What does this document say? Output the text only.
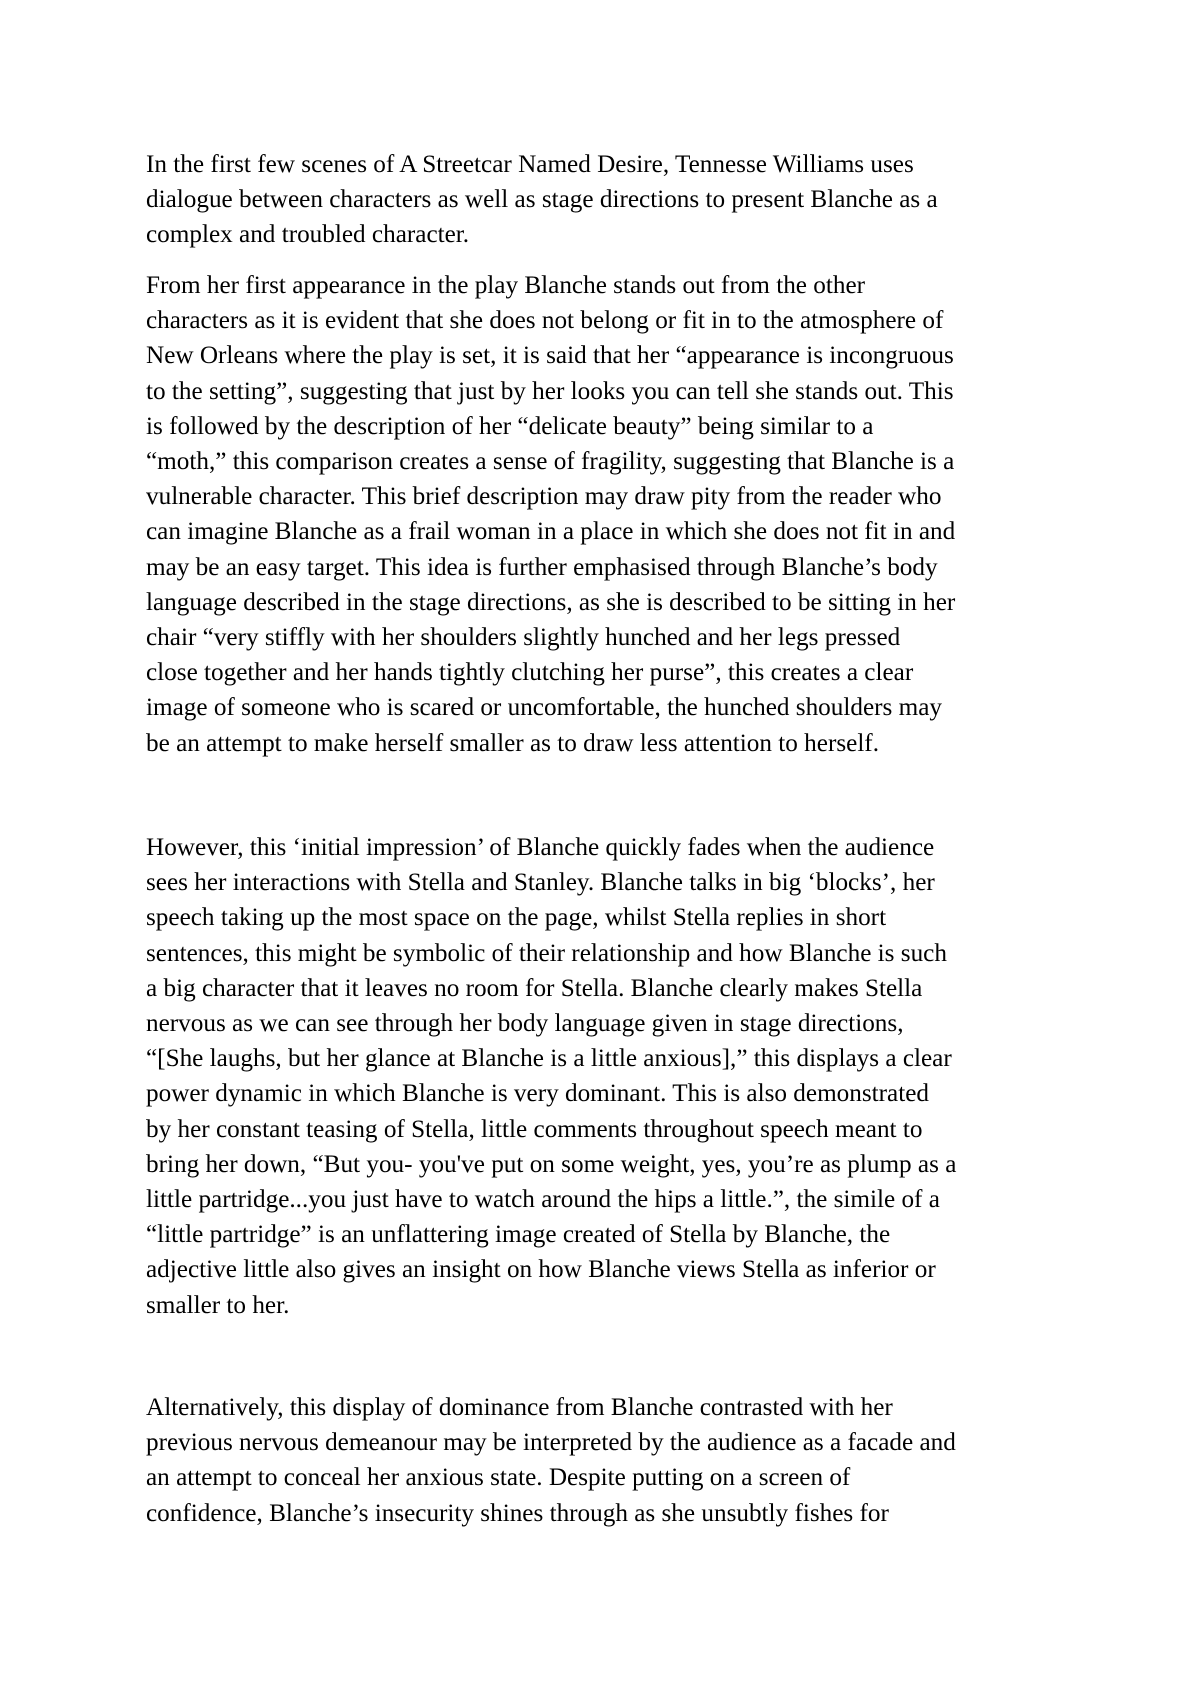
In the first few scenes of A Streetcar Named Desire, Tennesse Williams uses
dialogue between characters as well as stage directions to present Blanche as a
complex and troubled character.
From her first appearance in the play Blanche stands out from the other
characters as it is evident that she does not belong or fit in to the atmosphere of
New Orleans where the play is set, it is said that her “appearance is incongruous
to the setting”, suggesting that just by her looks you can tell she stands out. This
is followed by the description of her “delicate beauty” being similar to a
“moth,” this comparison creates a sense of fragility, suggesting that Blanche is a
vulnerable character. This brief description may draw pity from the reader who
can imagine Blanche as a frail woman in a place in which she does not fit in and
may be an easy target. This idea is further emphasised through Blanche’s body
language described in the stage directions, as she is described to be sitting in her
chair “very stiffly with her shoulders slightly hunched and her legs pressed
close together and her hands tightly clutching her purse”, this creates a clear
image of someone who is scared or uncomfortable, the hunched shoulders may
be an attempt to make herself smaller as to draw less attention to herself.
However, this ‘initial impression’ of Blanche quickly fades when the audience
sees her interactions with Stella and Stanley. Blanche talks in big ‘blocks’, her
speech taking up the most space on the page, whilst Stella replies in short
sentences, this might be symbolic of their relationship and how Blanche is such
a big character that it leaves no room for Stella. Blanche clearly makes Stella
nervous as we can see through her body language given in stage directions,
“[She laughs, but her glance at Blanche is a little anxious],” this displays a clear
power dynamic in which Blanche is very dominant. This is also demonstrated
by her constant teasing of Stella, little comments throughout speech meant to
bring her down, “But you- you've put on some weight, yes, you’re as plump as a
little partridge...you just have to watch around the hips a little.”, the simile of a
“little partridge” is an unflattering image created of Stella by Blanche, the
adjective little also gives an insight on how Blanche views Stella as inferior or
smaller to her.
Alternatively, this display of dominance from Blanche contrasted with her
previous nervous demeanour may be interpreted by the audience as a facade and
an attempt to conceal her anxious state. Despite putting on a screen of
confidence, Blanche’s insecurity shines through as she unsubtly fishes for
